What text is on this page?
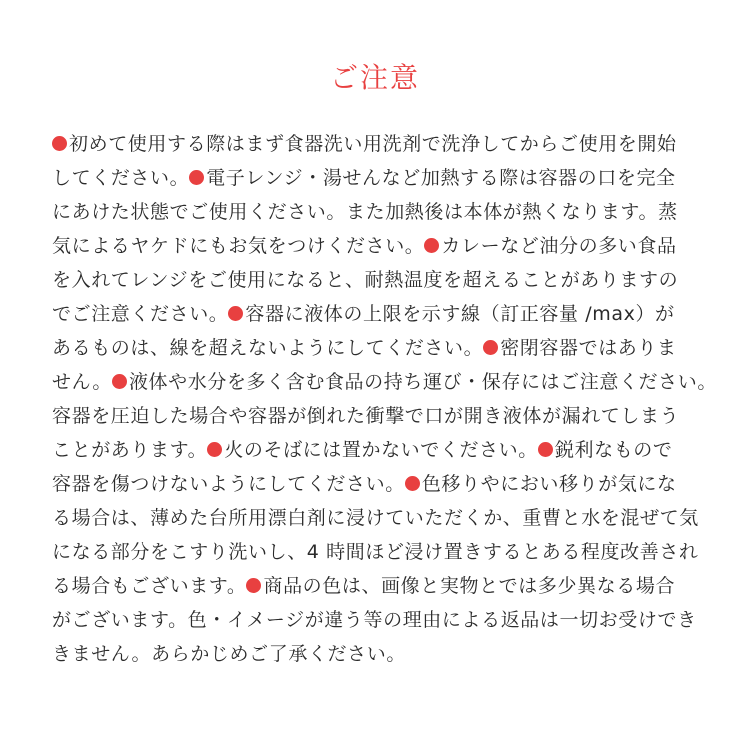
ご注意
初めて使用する際はまず食器洗い用洗剤で洗浄してからご使用を開始
してください。 電子レンジ・湯せんなど加熱する際は容器の口を完全
にあけた状態でご使用ください。また加熱後は本体が熱くなります。蒸
気によるヤケドにもお気をつけください。 カレーなど油分の多い食品
を入れてレンジをご使用になると、耐熱温度を超えることがありますの
でご注意ください。 容器に液体の上限を示す線（訂正容量 /max）が
あるものは、線を超えないようにしてください。 密閉容器ではありま
せん。 液体や水分を多く含む食品の持ち運び・保存にはご注意ください。
容器を圧迫した場合や容器が倒れた衝撃で口が開き液体が漏れてしまう
ことがあります。 火のそばには置かないでください。 鋭利なもので
容器を傷つけないようにしてください。 色移りやにおい移りが気にな
る場合は、薄めた台所用漂白剤に浸けていただくか、重曹と水を混ぜて気
になる部分をこすり洗いし、4 時間ほど浸け置きするとある程度改善され
る場合もございます。 商品の色は、画像と実物とでは多少異なる場合
がございます。色・イメージが違う等の理由による返品は一切お受けでき
きません。あらかじめご了承ください。
